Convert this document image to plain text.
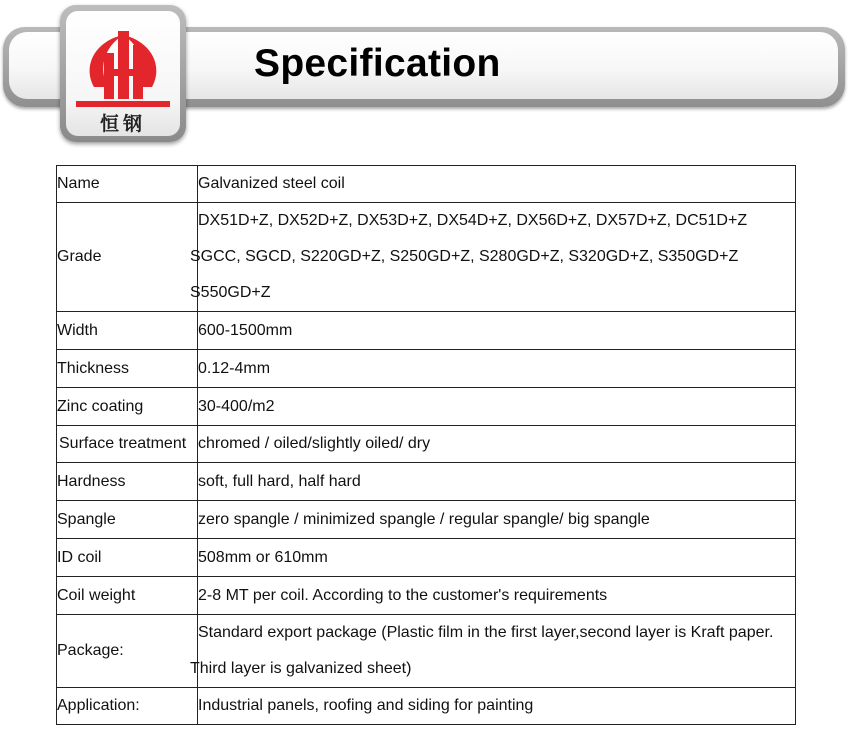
Specification
恒钢
Name	Galvanized steel coil
Grade	DX51D+Z, DX52D+Z, DX53D+Z, DX54D+Z, DX56D+Z, DX57D+Z, DC51D+Z
SGCC, SGCD, S220GD+Z, S250GD+Z, S280GD+Z, S320GD+Z, S350GD+Z
S550GD+Z

Width	600-1500mm
Thickness	0.12-4mm
Zinc coating	30-400/m2
Surface treatment	chromed / oiled/slightly oiled/ dry
Hardness	soft, full hard, half hard
Spangle	zero spangle / minimized spangle / regular spangle/ big spangle
ID coil	508mm or 610mm
Coil weight	2-8 MT per coil. According to the customer's requirements
Package:	Standard export package (Plastic film in the first layer,second layer is Kraft paper.
Third layer is galvanized sheet)

Application:	Industrial panels, roofing and siding for painting
